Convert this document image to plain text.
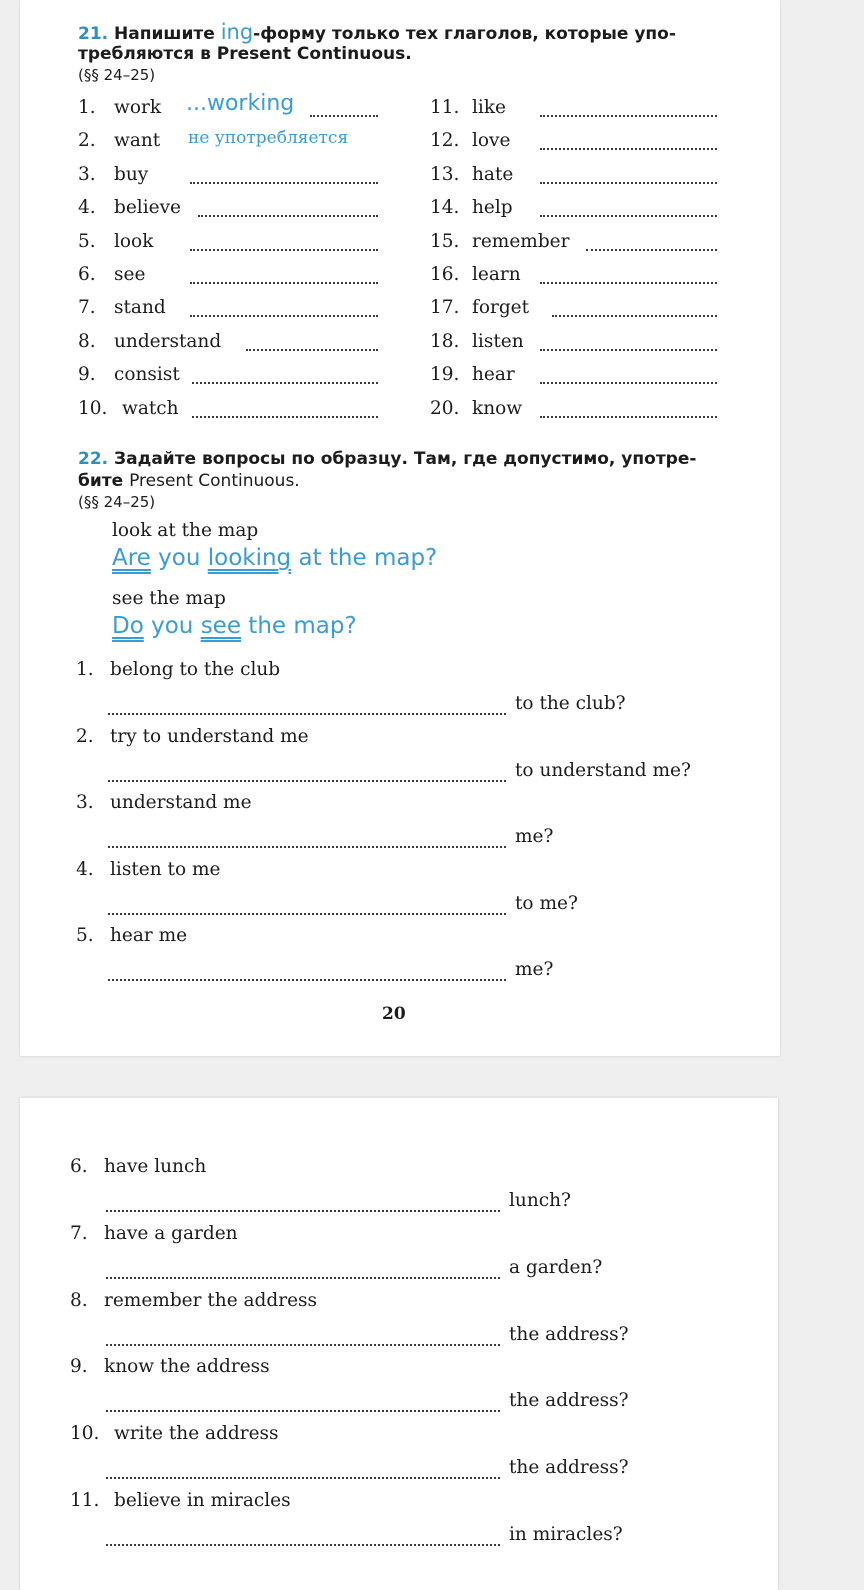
21. Напишите ing-форму только тех глаголов, которые упо-
требляются в Present Continuous.
(§§ 24–25)
1. work ...working
2. want не употребляется
3. buy
4. believe
5. look
6. see
7. stand
8. understand
9. consist
10. watch
11. like
12. love
13. hate
14. help
15. remember
16. learn
17. forget
18. listen
19. hear
20. know
22. Задайте вопросы по образцу. Там, где допустимо, употре-
бите Present Continuous.
(§§ 24–25)
look at the map
Are you looking at the map?
see the map
Do you see the map?
1. belong to the club
to the club?
2. try to understand me
to understand me?
3. understand me
me?
4. listen to me
to me?
5. hear me
me?
20
6. have lunch
lunch?
7. have a garden
a garden?
8. remember the address
the address?
9. know the address
the address?
10. write the address
the address?
11. believe in miracles
in miracles?
